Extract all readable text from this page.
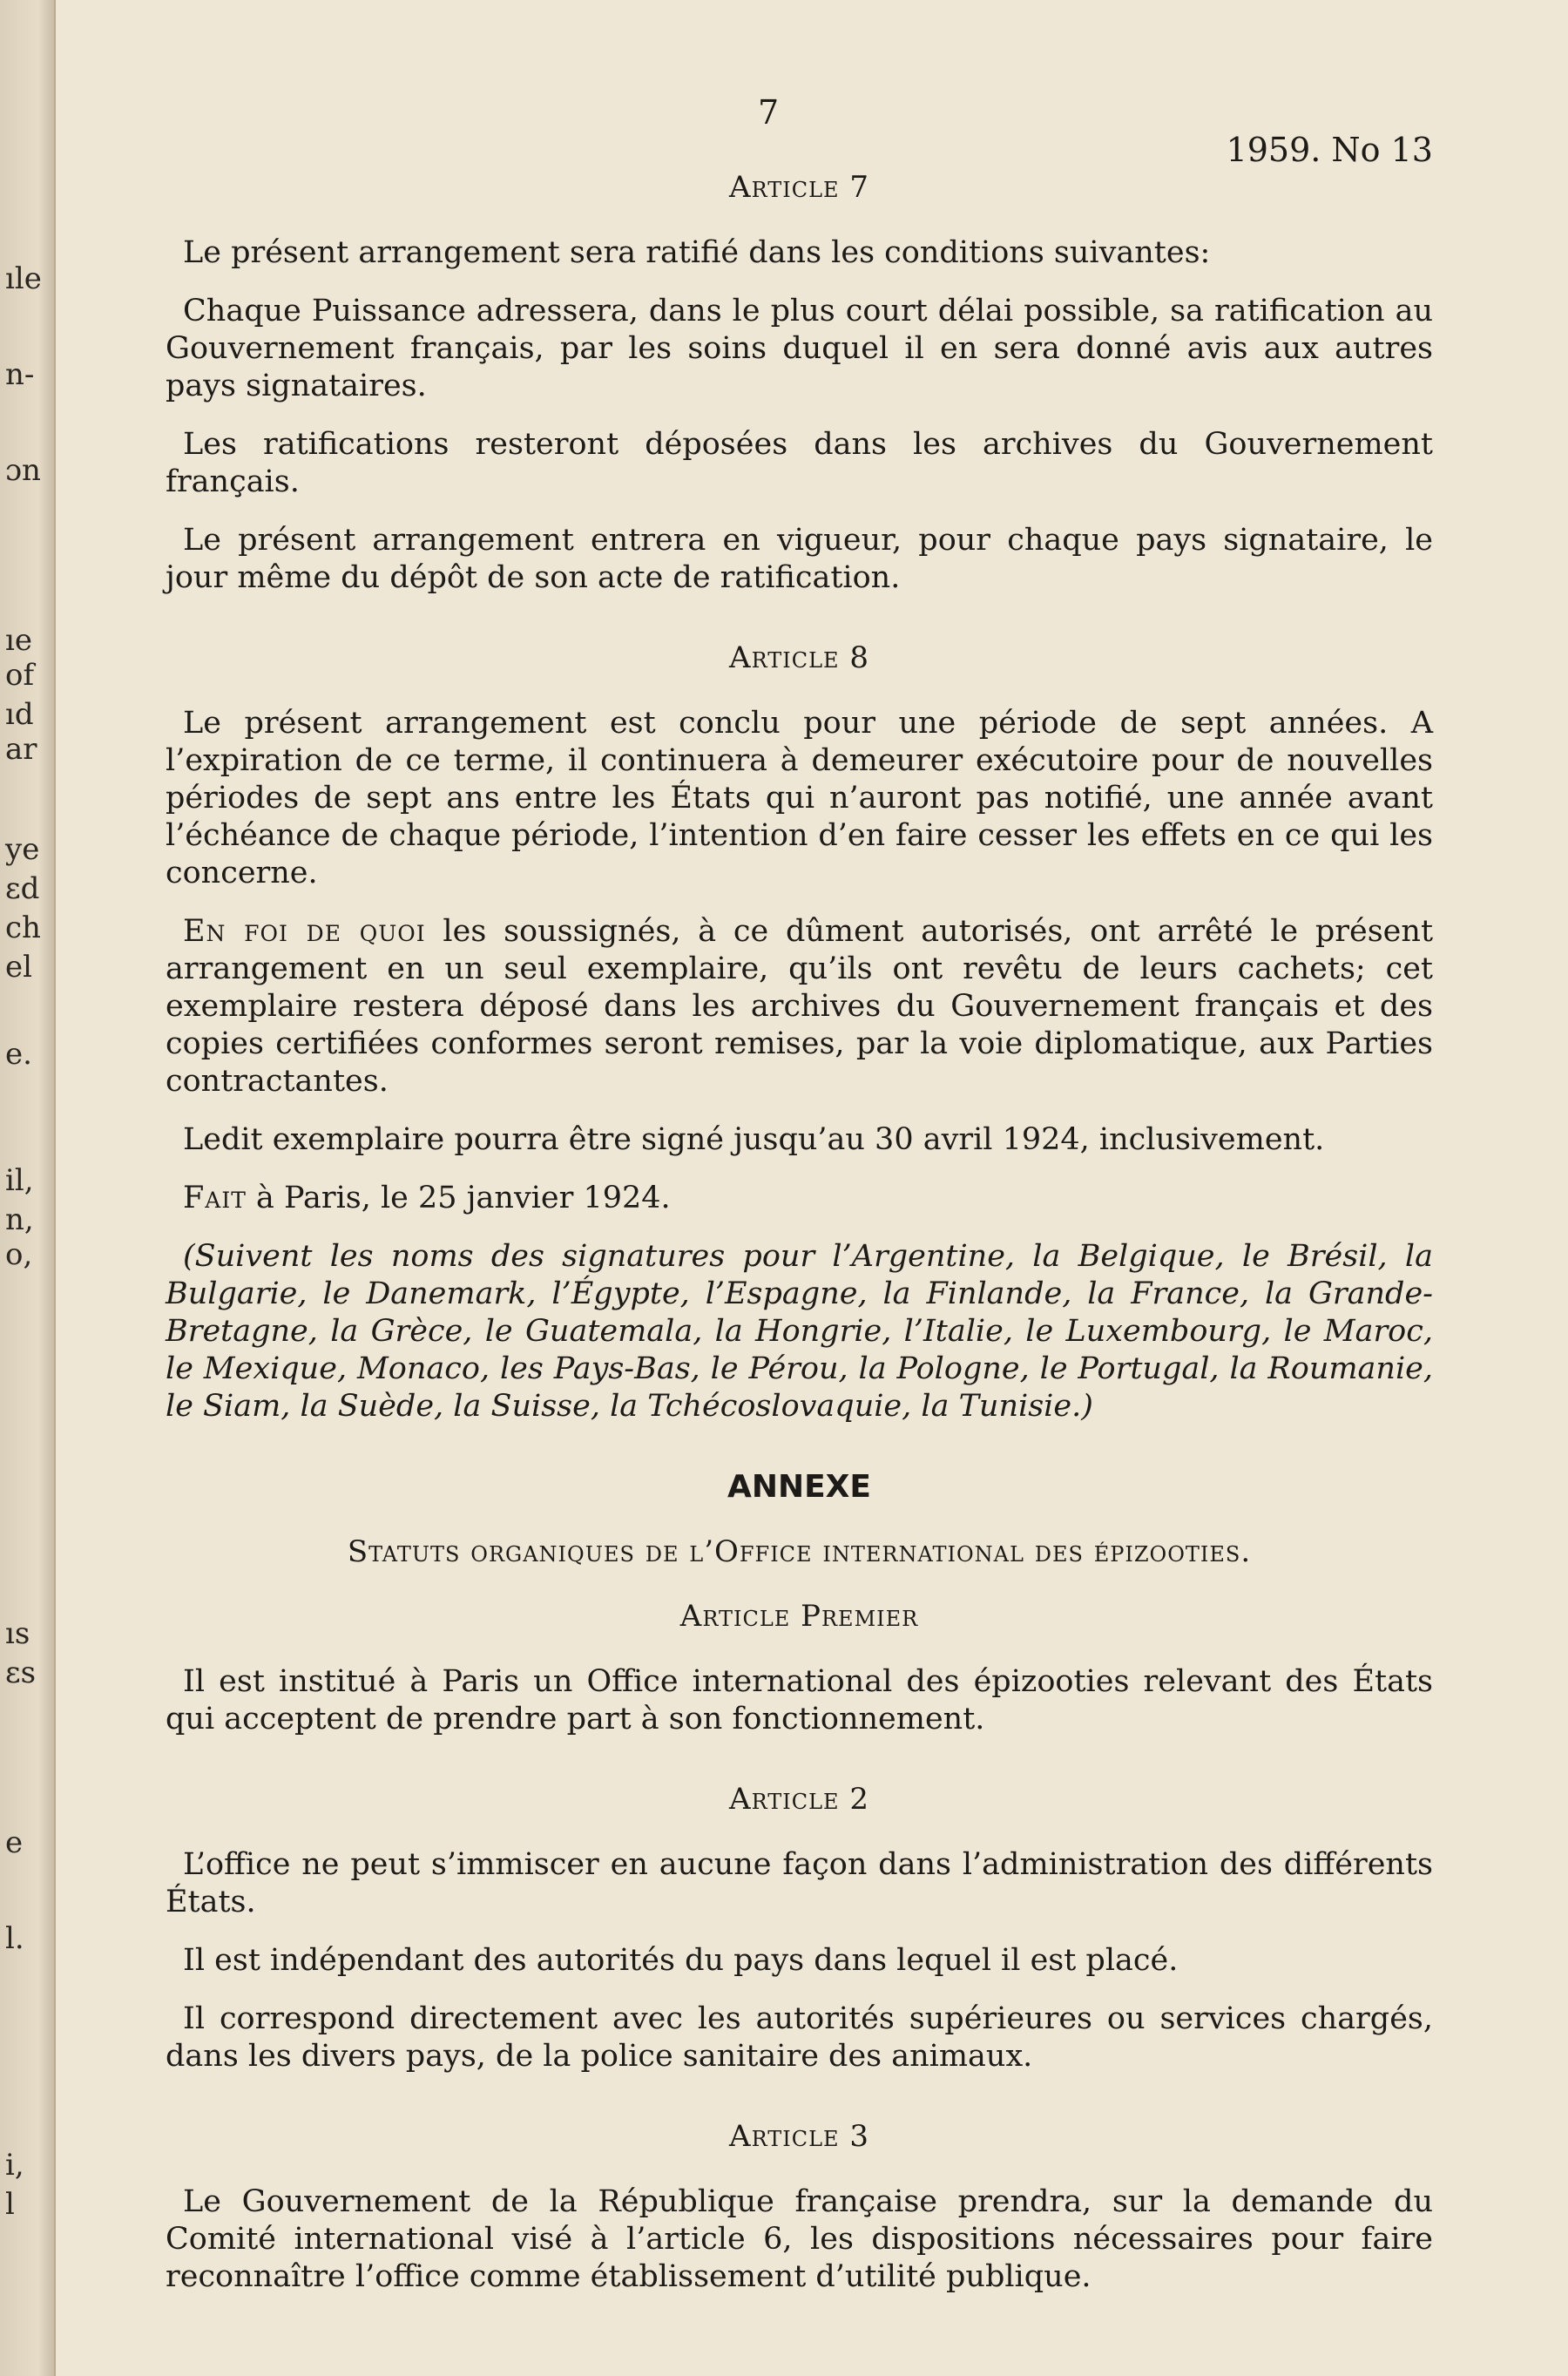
ıle
n-
ɔn
ıe
of
ıd
ar
ye
ɛd
ch
el
e.
il,
n,
o,
ıs
ɛs
e
l.
i,
l
7
1959. No 13
Article 7

Le présent arrangement sera ratifié dans les conditions suivantes:

Chaque Puissance adressera, dans le plus court délai possible, sa ratification au Gouvernement français, par les soins duquel il en sera donné avis aux autres pays signataires.

Les ratifications resteront déposées dans les archives du Gouvernement français.

Le présent arrangement entrera en vigueur, pour chaque pays signataire, le jour même du dépôt de son acte de ratification.

Article 8

Le présent arrangement est conclu pour une période de sept années. A l’expiration de ce terme, il continuera à demeurer exécutoire pour de nouvelles périodes de sept ans entre les États qui n’auront pas notifié, une année avant l’échéance de chaque période, l’intention d’en faire cesser les effets en ce qui les concerne.

En foi de quoi les soussignés, à ce dûment autorisés, ont arrêté le présent arrangement en un seul exemplaire, qu’ils ont revêtu de leurs cachets; cet exemplaire restera déposé dans les archives du Gouvernement français et des copies certifiées conformes seront remises, par la voie diplomatique, aux Parties contractantes.

Ledit exemplaire pourra être signé jusqu’au 30 avril 1924, inclusivement.

Fait à Paris, le 25 janvier 1924.

(Suivent les noms des signatures pour l’Argentine, la Belgique, le Brésil, la Bulgarie, le Danemark, l’Égypte, l’Espagne, la Finlande, la France, la Grande-Bretagne, la Grèce, le Guatemala, la Hongrie, l’Italie, le Luxembourg, le Maroc, le Mexique, Monaco, les Pays-Bas, le Pérou, la Pologne, le Portugal, la Roumanie, le Siam, la Suède, la Suisse, la Tchécoslovaquie, la Tunisie.)

ANNEXE
Statuts organiques de l’Office international des épizooties.
Article Premier

Il est institué à Paris un Office international des épizooties relevant des États qui acceptent de prendre part à son fonctionnement.

Article 2

L’office ne peut s’immiscer en aucune façon dans l’administration des différents États.

Il est indépendant des autorités du pays dans lequel il est placé.

Il correspond directement avec les autorités supérieures ou services chargés, dans les divers pays, de la police sanitaire des animaux.

Article 3

Le Gouvernement de la République française prendra, sur la demande du Comité international visé à l’article 6, les dispositions nécessaires pour faire reconnaître l’office comme établissement d’utilité publique.
